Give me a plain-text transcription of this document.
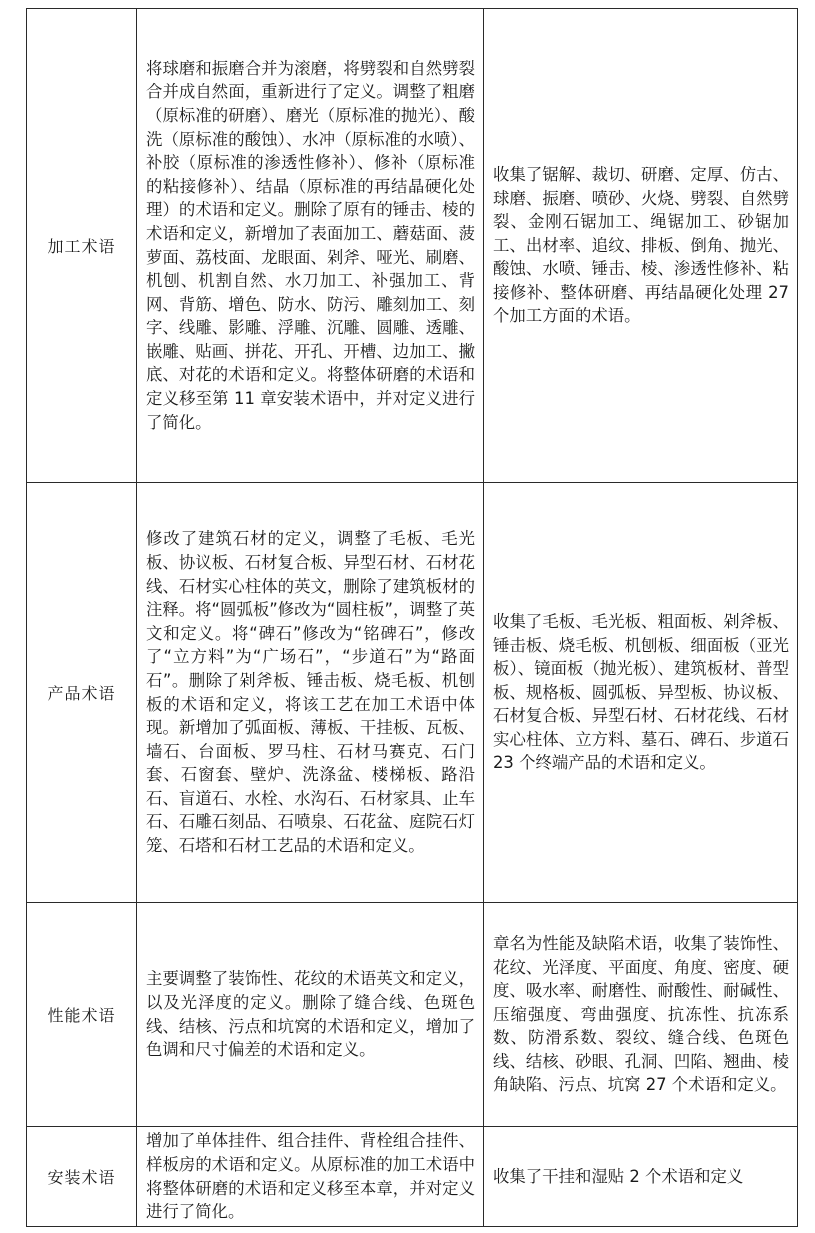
加工术语	将球磨和振磨合并为滚磨，将劈裂和自然劈裂合并成自然面，重新进行了定义。调整了粗磨（原标准的研磨）、磨光（原标准的抛光）、酸洗（原标准的酸蚀）、水冲（原标准的水喷）、补胶（原标准的渗透性修补）、修补（原标准的粘接修补）、结晶（原标准的再结晶硬化处理）的术语和定义。删除了原有的锤击、棱的术语和定义，新增加了表面加工、蘑菇面、菠萝面、荔枝面、龙眼面、剁斧、哑光、刷磨、机刨、机割自然、水刀加工、补强加工、背网、背筋、增色、防水、防污、雕刻加工、刻字、线雕、影雕、浮雕、沉雕、圆雕、透雕、嵌雕、贴画、拼花、开孔、开槽、边加工、撇底、对花的术语和定义。将整体研磨的术语和定义移至第 11 章安装术语中，并对定义进行了简化。	收集了锯解、裁切、研磨、定厚、仿古、球磨、振磨、喷砂、火烧、劈裂、自然劈裂、金刚石锯加工、绳锯加工、砂锯加工、出材率、追纹、排板、倒角、抛光、酸蚀、水喷、锤击、棱、渗透性修补、粘接修补、整体研磨、再结晶硬化处理 27 个加工方面的术语。
产品术语	修改了建筑石材的定义，调整了毛板、毛光板、协议板、石材复合板、异型石材、石材花线、石材实心柱体的英文，删除了建筑板材的注释。将“圆弧板”修改为“圆柱板”，调整了英文和定义。将“碑石”修改为“铭碑石”，修改了“立方料”为“广场石”，“步道石”为“路面石”。删除了剁斧板、锤击板、烧毛板、机刨板的术语和定义，将该工艺在加工术语中体现。新增加了弧面板、薄板、干挂板、瓦板、墙石、台面板、罗马柱、石材马赛克、石门套、石窗套、壁炉、洗涤盆、楼梯板、路沿石、盲道石、水栓、水沟石、石材家具、止车石、石雕石刻品、石喷泉、石花盆、庭院石灯笼、石塔和石材工艺品的术语和定义。	收集了毛板、毛光板、粗面板、剁斧板、锤击板、烧毛板、机刨板、细面板（亚光板）、镜面板（抛光板）、建筑板材、普型板、规格板、圆弧板、异型板、协议板、石材复合板、异型石材、石材花线、石材实心柱体、立方料、墓石、碑石、步道石 23 个终端产品的术语和定义。
性能术语	主要调整了装饰性、花纹的术语英文和定义，以及光泽度的定义。删除了缝合线、色斑色线、结核、污点和坑窝的术语和定义，增加了色调和尺寸偏差的术语和定义。	章名为性能及缺陷术语，收集了装饰性、花纹、光泽度、平面度、角度、密度、硬度、吸水率、耐磨性、耐酸性、耐碱性、压缩强度、弯曲强度、抗冻性、抗冻系数、防滑系数、裂纹、缝合线、色斑色线、结核、砂眼、孔洞、凹陷、翘曲、棱角缺陷、污点、坑窝 27 个术语和定义。
安装术语	增加了单体挂件、组合挂件、背栓组合挂件、样板房的术语和定义。从原标准的加工术语中将整体研磨的术语和定义移至本章，并对定义进行了简化。	收集了干挂和湿贴 2 个术语和定义
